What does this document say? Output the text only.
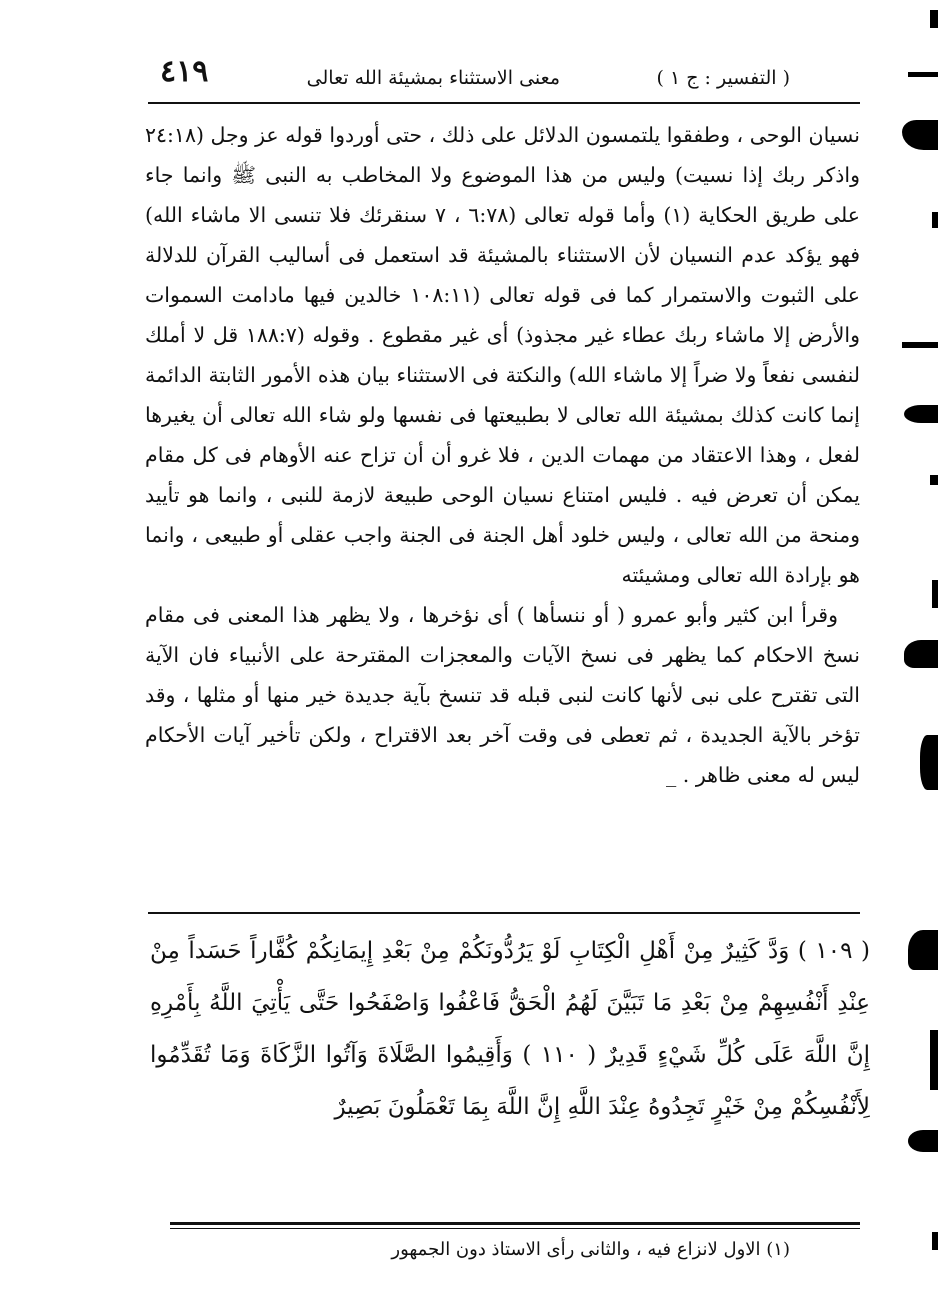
( التفسير : ج ١ )
معنى الاستثناء بمشيئة الله تعالى
٤١٩

نسيان الوحى ، وطفقوا يلتمسون الدلائل على ذلك ، حتى أوردوا قوله عز وجل (٢٤:١٨ واذكر ربك إذا نسيت) وليس من هذا الموضوع ولا المخاطب به النبى ﷺ وانما جاء على طريق الحكاية (١) وأما قوله تعالى (٦:٧٨ ، ٧ سنقرئك فلا تنسى الا ماشاء الله) فهو يؤكد عدم النسيان لأن الاستثناء بالمشيئة قد استعمل فى أساليب القرآن للدلالة على الثبوت والاستمرار كما فى قوله تعالى (١٠٨:١١ خالدين فيها مادامت السموات والأرض إلا ماشاء ربك عطاء غير مجذوذ) أى غير مقطوع . وقوله (١٨٨:٧ قل لا أملك لنفسى نفعاً ولا ضراً إلا ماشاء الله) والنكتة فى الاستثناء بيان هذه الأمور الثابتة الدائمة إنما كانت كذلك بمشيئة الله تعالى لا بطبيعتها فى نفسها ولو شاء الله تعالى أن يغيرها لفعل ، وهذا الاعتقاد من مهمات الدين ، فلا غرو أن أن تزاح عنه الأوهام فى كل مقام يمكن أن تعرض فيه . فليس امتناع نسيان الوحى طبيعة لازمة للنبى ، وانما هو تأييد ومنحة من الله تعالى ، وليس خلود أهل الجنة فى الجنة واجب عقلى أو طبيعى ، وانما هو بإرادة الله تعالى ومشيئته

وقرأ ابن كثير وأبو عمرو ( أو ننسأها ) أى نؤخرها ، ولا يظهر هذا المعنى فى مقام نسخ الاحكام كما يظهر فى نسخ الآيات والمعجزات المقترحة على الأنبياء فان الآية التى تقترح على نبى لأنها كانت لنبى قبله قد تنسخ بآية جديدة خير منها أو مثلها ، وقد تؤخر بالآية الجديدة ، ثم تعطى فى وقت آخر بعد الاقتراح ، ولكن تأخير آيات الأحكام ليس له معنى ظاهر . _

( ١٠٩ ) وَدَّ كَثِيرٌ مِنْ أَهْلِ الْكِتَابِ لَوْ يَرُدُّونَكُمْ مِنْ بَعْدِ إِيمَانِكُمْ كُفَّاراً حَسَداً مِنْ عِنْدِ أَنْفُسِهِمْ مِنْ بَعْدِ مَا تَبَيَّنَ لَهُمُ الْحَقُّ فَاعْفُوا وَاصْفَحُوا حَتَّى يَأْتِيَ اللَّهُ بِأَمْرِهِ إِنَّ اللَّهَ عَلَى كُلِّ شَيْءٍ قَدِيرٌ ( ١١٠ ) وَأَقِيمُوا الصَّلَاةَ وَآتُوا الزَّكَاةَ وَمَا تُقَدِّمُوا لِأَنْفُسِكُمْ مِنْ خَيْرٍ تَجِدُوهُ عِنْدَ اللَّهِ إِنَّ اللَّهَ بِمَا تَعْمَلُونَ بَصِيرٌ
(١) الاول لانزاع فيه ، والثانى رأى الاستاذ دون الجمهور
